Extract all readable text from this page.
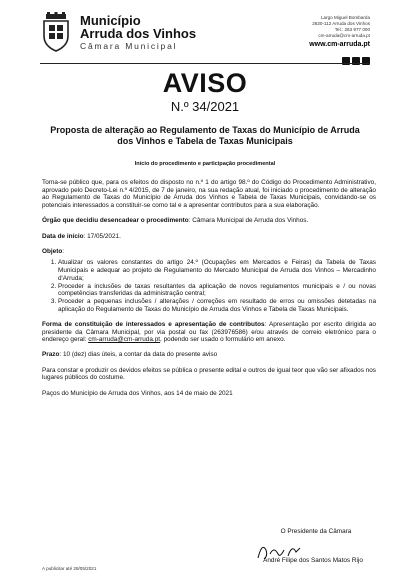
Município
Arruda dos Vinhos
Câmara Municipal
Largo Miguel Bombarda
2630-112 Arruda dos Vinhos
Tel.: 263 977 000
cm-arruda@cm-arruda.pt
www.cm-arruda.pt
AVISO
N.º 34/2021
Proposta de alteração ao Regulamento de Taxas do Município de Arruda dos Vinhos e Tabela de Taxas Municipais
Início do procedimento e participação procedimental

Torna-se público que, para os efeitos do disposto no n.º 1 do artigo 98.º do Código do Procedimento Administrativo, aprovado pelo Decreto-Lei n.º 4/2015, de 7 de janeiro, na sua redação atual, foi iniciado o procedimento de alteração ao Regulamento de Taxas do Município de Arruda dos Vinhos e Tabela de Taxas Municipais, convidando-se os potenciais interessados a constituir-se como tal e a apresentar contributos para a sua elaboração.

Órgão que decidiu desencadear o procedimento: Câmara Municipal de Arruda dos Vinhos.

Data de início: 17/05/2021.

Objeto:

1. Atualizar os valores constantes do artigo 24.º (Ocupações em Mercados e Feiras) da Tabela de Taxas Municipais e adequar ao projeto de Regulamento do Mercado Municipal de Arruda dos Vinhos – Mercadinho d'Arruda;
2. Proceder a inclusões de taxas resultantes da aplicação de novos regulamentos municipais e / ou novas competências transferidas da administração central;
3. Proceder a pequenas inclusões / alterações / correções em resultado de erros ou omissões detetadas na aplicação do Regulamento de Taxas do Município de Arruda dos Vinhos e Tabela de Taxas Municipais.

Forma de constituição de interessados e apresentação de contributos: Apresentação por escrito dirigida ao presidente da Câmara Municipal, por via postal ou fax (263976586) e/ou através de correio eletrónico para o endereço geral: cm-arruda@cm-arruda.pt, podendo ser usado o formulário em anexo.

Prazo: 10 (dez) dias úteis, a contar da data do presente aviso

Para constar e produzir os devidos efeitos se pública o presente edital e outros de igual teor que vão ser afixados nos lugares públicos do costume.

Paços do Município de Arruda dos Vinhos, aos 14 de maio de 2021

O Presidente da Câmara
André Filipe dos Santos Matos Rijo
A publicitar até 28/05/2021
